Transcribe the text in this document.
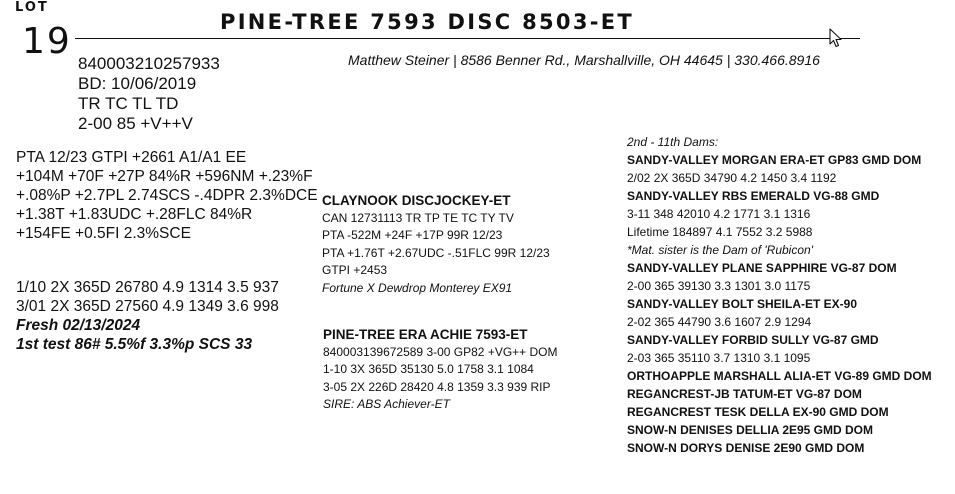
LOT
19	PINE-TREE 7593 DISC 8503-ET
Matthew Steiner | 8586 Benner Rd., Marshallville, OH 44645 | 330.466.8916
840003210257933
BD: 10/06/2019
TR TC TL TD
2-00 85 +V++V
PTA 12/23 GTPI +2661 A1/A1 EE
+104M +70F +27P 84%R +596NM +.23%F
+.08%P +2.7PL 2.74SCS -.4DPR 2.3%DCE
+1.38T +1.83UDC +.28FLC 84%R
+154FE +0.5FI 2.3%SCE
1/10 2X 365D 26780 4.9 1314 3.5 937
3/01 2X 365D 27560 4.9 1349 3.6 998
Fresh 02/13/2024
1st test 86# 5.5%f 3.3%p SCS 33
CLAYNOOK DISCJOCKEY-ET
CAN 12731113 TR TP TE TC TY TV
PTA -522M +24F +17P 99R 12/23
PTA +1.76T +2.67UDC -.51FLC 99R 12/23
GTPI +2453
Fortune X Dewdrop Monterey EX91
PINE-TREE ERA ACHIE 7593-ET
840003139672589 3-00 GP82 +VG++ DOM
1-10 3X 365D 35130 5.0 1758 3.1 1084
3-05 2X 226D 28420 4.8 1359 3.3 939 RIP
SIRE: ABS Achiever-ET
2nd - 11th Dams:
SANDY-VALLEY MORGAN ERA-ET GP83 GMD DOM
2/02 2X 365D 34790 4.2 1450 3.4 1192
SANDY-VALLEY RBS EMERALD VG-88 GMD
3-11 348 42010 4.2 1771 3.1 1316
Lifetime 184897 4.1 7552 3.2 5988
*Mat. sister is the Dam of 'Rubicon'
SANDY-VALLEY PLANE SAPPHIRE VG-87 DOM
2-00 365 39130 3.3 1301 3.0 1175
SANDY-VALLEY BOLT SHEILA-ET EX-90
2-02 365 44790 3.6 1607 2.9 1294
SANDY-VALLEY FORBID SULLY VG-87 GMD
2-03 365 35110 3.7 1310 3.1 1095
ORTHOAPPLE MARSHALL ALIA-ET VG-89 GMD DOM
REGANCREST-JB TATUM-ET VG-87 DOM
REGANCREST TESK DELLA EX-90 GMD DOM
SNOW-N DENISES DELLIA 2E95 GMD DOM
SNOW-N DORYS DENISE 2E90 GMD DOM
